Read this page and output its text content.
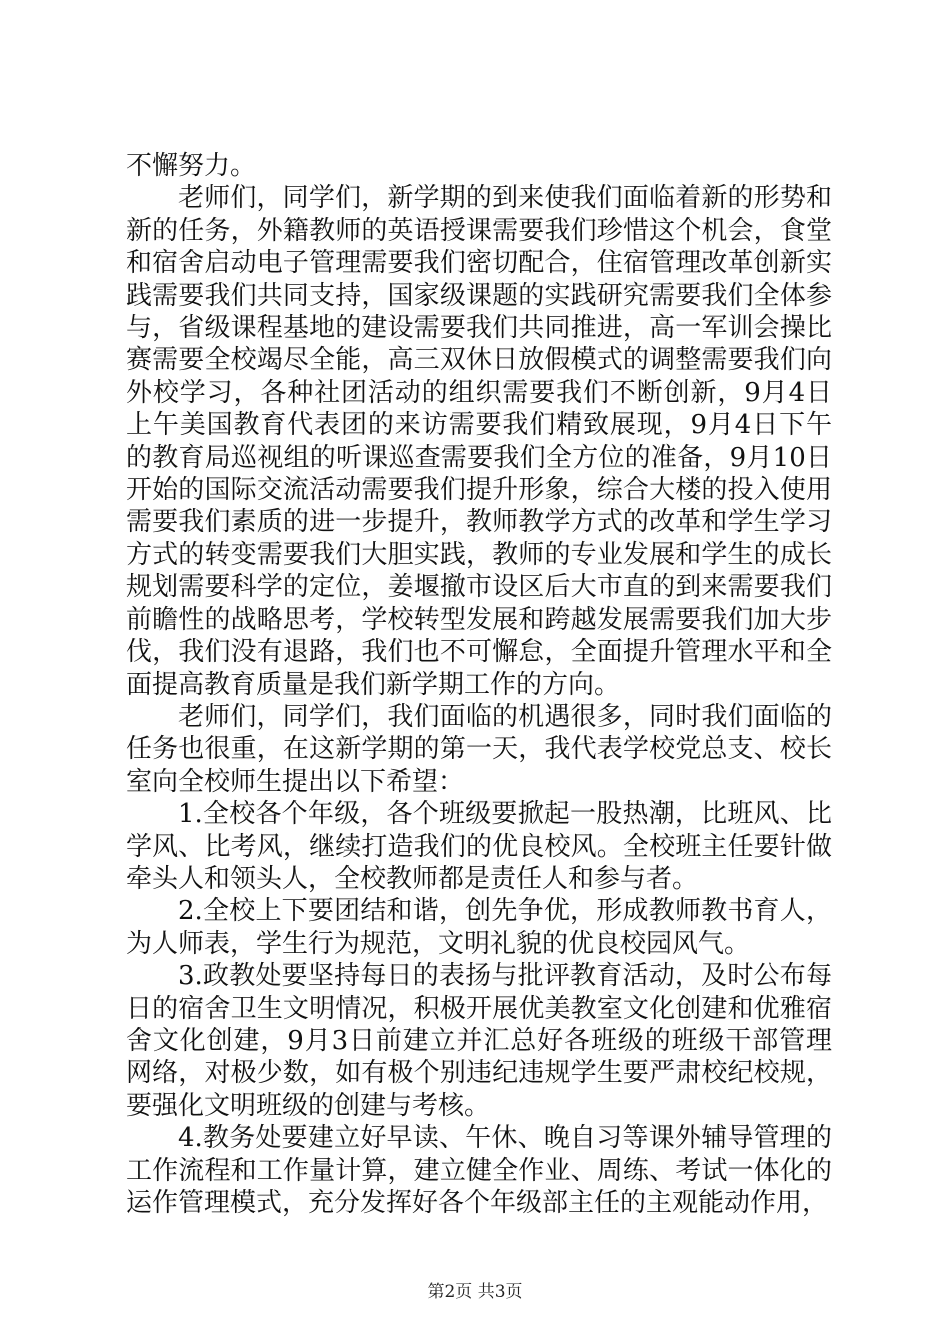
不懈努力。

老师们，同学们，新学期的到来使我们面临着新的形势和新的任务，外籍教师的英语授课需要我们珍惜这个机会，食堂和宿舍启动电子管理需要我们密切配合，住宿管理改革创新实践需要我们共同支持，国家级课题的实践研究需要我们全体参与，省级课程基地的建设需要我们共同推进，高一军训会操比赛需要全校竭尽全能，高三双休日放假模式的调整需要我们向外校学习，各种社团活动的组织需要我们不断创新，9月4日上午美国教育代表团的来访需要我们精致展现，9月4日下午的教育局巡视组的听课巡查需要我们全方位的准备，9月10日开始的国际交流活动需要我们提升形象，综合大楼的投入使用需要我们素质的进一步提升，教师教学方式的改革和学生学习方式的转变需要我们大胆实践，教师的专业发展和学生的成长规划需要科学的定位，姜堰撤市设区后大市直的到来需要我们前瞻性的战略思考，学校转型发展和跨越发展需要我们加大步伐，我们没有退路，我们也不可懈怠，全面提升管理水平和全面提高教育质量是我们新学期工作的方向。

老师们，同学们，我们面临的机遇很多，同时我们面临的任务也很重，在这新学期的第一天，我代表学校党总支、校长室向全校师生提出以下希望：

1.全校各个年级，各个班级要掀起一股热潮，比班风、比学风、比考风，继续打造我们的优良校风。全校班主任要针做牵头人和领头人，全校教师都是责任人和参与者。

2.全校上下要团结和谐，创先争优，形成教师教书育人，为人师表，学生行为规范，文明礼貌的优良校园风气。

3.政教处要坚持每日的表扬与批评教育活动，及时公布每日的宿舍卫生文明情况，积极开展优美教室文化创建和优雅宿舍文化创建，9月3日前建立并汇总好各班级的班级干部管理网络，对极少数，如有极个别违纪违规学生要严肃校纪校规，要强化文明班级的创建与考核。

4.教务处要建立好早读、午休、晚自习等课外辅导管理的工作流程和工作量计算，建立健全作业、周练、考试一体化的运作管理模式，充分发挥好各个年级部主任的主观能动作用，

第2页 共3页
